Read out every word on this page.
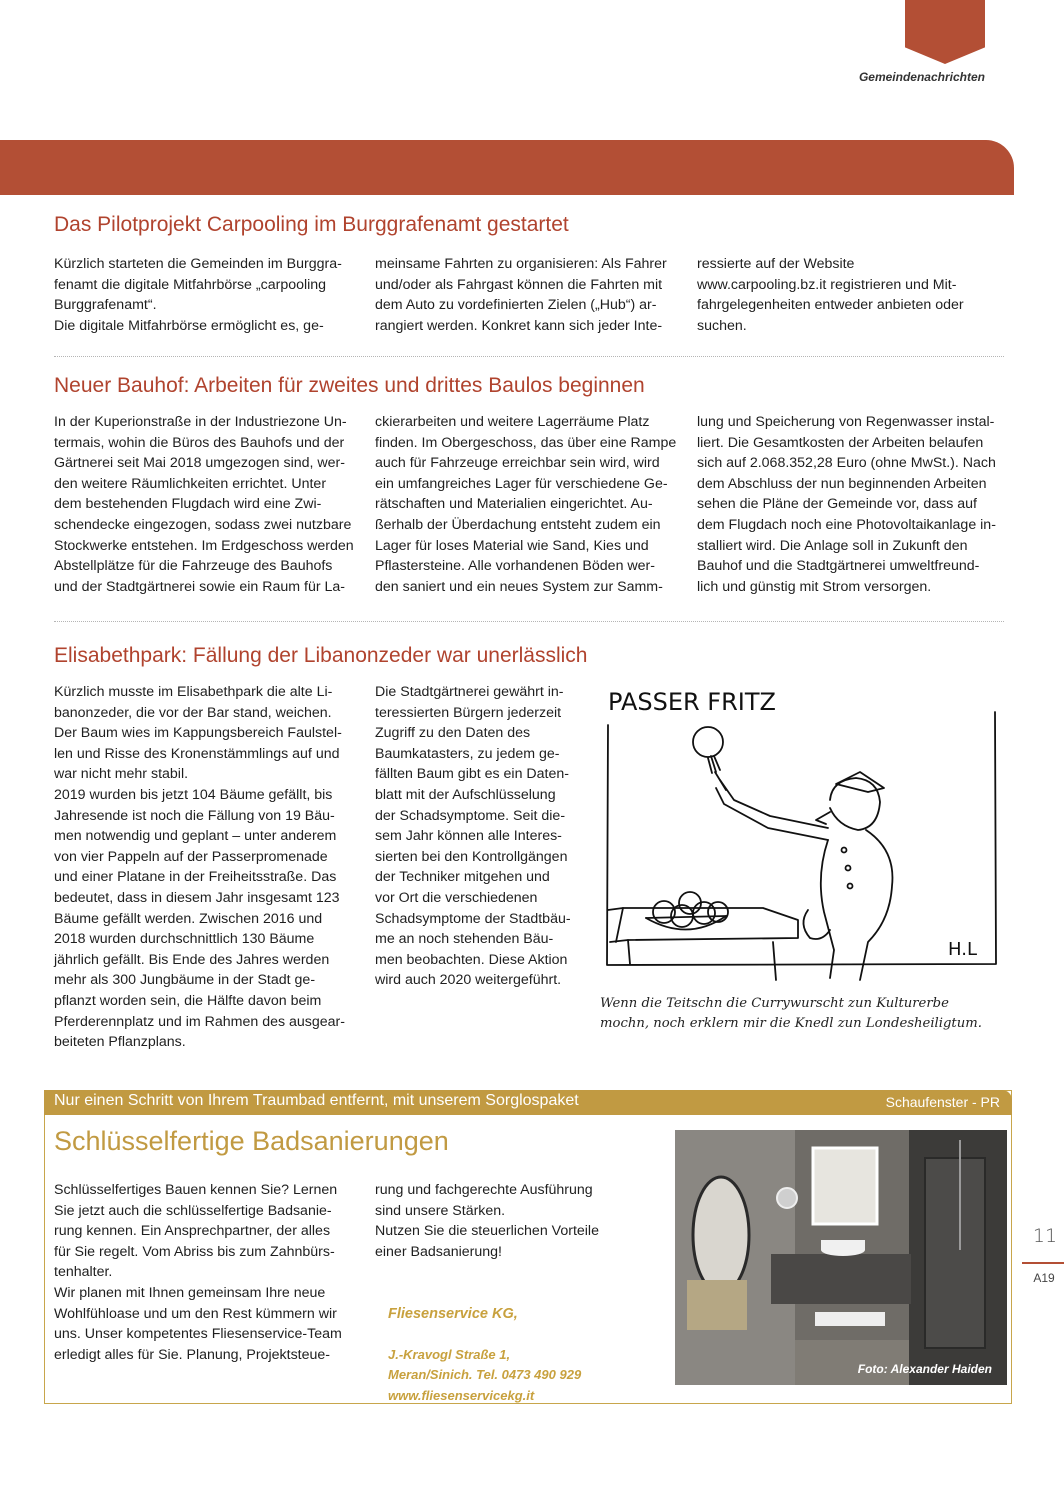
Gemeindenachrichten
Das Pilotprojekt Carpooling im Burggrafenamt gestartet
Kürzlich starteten die Gemeinden im Burggra-
fenamt die digitale Mitfahrbörse „carpooling
Burggrafenamt“.
Die digitale Mitfahrbörse ermöglicht es, ge-
meinsame Fahrten zu organisieren: Als Fahrer
und/oder als Fahrgast können die Fahrten mit
dem Auto zu vordefinierten Zielen („Hub“) ar-
rangiert werden. Konkret kann sich jeder Inte-
ressierte auf der Website
www.carpooling.bz.it registrieren und Mit-
fahrgelegenheiten entweder anbieten oder
suchen.
Neuer Bauhof: Arbeiten für zweites und drittes Baulos beginnen
In der Kuperionstraße in der Industriezone Un-
termais, wohin die Büros des Bauhofs und der
Gärtnerei seit Mai 2018 umgezogen sind, wer-
den weitere Räumlichkeiten errichtet. Unter
dem bestehenden Flugdach wird eine Zwi-
schendecke eingezogen, sodass zwei nutzbare
Stockwerke entstehen. Im Erdgeschoss werden
Abstellplätze für die Fahrzeuge des Bauhofs
und der Stadtgärtnerei sowie ein Raum für La-
ckierarbeiten und weitere Lagerräume Platz
finden. Im Obergeschoss, das über eine Rampe
auch für Fahrzeuge erreichbar sein wird, wird
ein umfangreiches Lager für verschiedene Ge-
rätschaften und Materialien eingerichtet. Au-
ßerhalb der Überdachung entsteht zudem ein
Lager für loses Material wie Sand, Kies und
Pflastersteine. Alle vorhandenen Böden wer-
den saniert und ein neues System zur Samm-
lung und Speicherung von Regenwasser instal-
liert. Die Gesamtkosten der Arbeiten belaufen
sich auf 2.068.352,28 Euro (ohne MwSt.). Nach
dem Abschluss der nun beginnenden Arbeiten
sehen die Pläne der Gemeinde vor, dass auf
dem Flugdach noch eine Photovoltaikanlage in-
stalliert wird. Die Anlage soll in Zukunft den
Bauhof und die Stadtgärtnerei umweltfreund-
lich und günstig mit Strom versorgen.
Elisabethpark: Fällung der Libanonzeder war unerlässlich
Kürzlich musste im Elisabethpark die alte Li-
banonzeder, die vor der Bar stand, weichen.
Der Baum wies im Kappungsbereich Faulstel-
len und Risse des Kronenstämmlings auf und
war nicht mehr stabil.
2019 wurden bis jetzt 104 Bäume gefällt, bis
Jahresende ist noch die Fällung von 19 Bäu-
men notwendig und geplant – unter anderem
von vier Pappeln auf der Passerpromenade
und einer Platane in der Freiheitsstraße. Das
bedeutet, dass in diesem Jahr insgesamt 123
Bäume gefällt werden. Zwischen 2016 und
2018 wurden durchschnittlich 130 Bäume
jährlich gefällt. Bis Ende des Jahres werden
mehr als 300 Jungbäume in der Stadt ge-
pflanzt worden sein, die Hälfte davon beim
Pferderennplatz und im Rahmen des ausgear-
beiteten Pflanzplans.
Die Stadtgärtnerei gewährt in-
teressierten Bürgern jederzeit
Zugriff zu den Daten des
Baumkatasters, zu jedem ge-
fällten Baum gibt es ein Daten-
blatt mit der Aufschlüsselung
der Schadsymptome. Seit die-
sem Jahr können alle Interes-
sierten bei den Kontrollgängen
der Techniker mitgehen und
vor Ort die verschiedenen
Schadsymptome der Stadtbäu-
me an noch stehenden Bäu-
men beobachten. Diese Aktion
wird auch 2020 weitergeführt.
PASSER FRITZ
H.L
Wenn die Teitschn die Currywurscht zun Kulturerbe
mochn, noch erklern mir die Knedl zun Londesheiligtum.
Nur einen Schritt von Ihrem Traumbad entfernt, mit unserem Sorglospaket	Schaufenster - PR
Schlüsselfertige Badsanierungen
Schlüsselfertiges Bauen kennen Sie? Lernen
Sie jetzt auch die schlüsselfertige Badsanie-
rung kennen. Ein Ansprechpartner, der alles
für Sie regelt. Vom Abriss bis zum Zahnbürs-
tenhalter.
Wir planen mit Ihnen gemeinsam Ihre neue
Wohlfühloase und um den Rest kümmern wir
uns. Unser kompetentes Fliesenservice-Team
erledigt alles für Sie. Planung, Projektsteue-
rung und fachgerechte Ausführung
sind unsere Stärken.
Nutzen Sie die steuerlichen Vorteile
einer Badsanierung!

Fliesenservice KG,

J.-Kravogl Straße 1,
Meran/Sinich. Tel. 0473 490 929
www.fliesenservicekg.it

Foto: Alexander Haiden
11
A19
